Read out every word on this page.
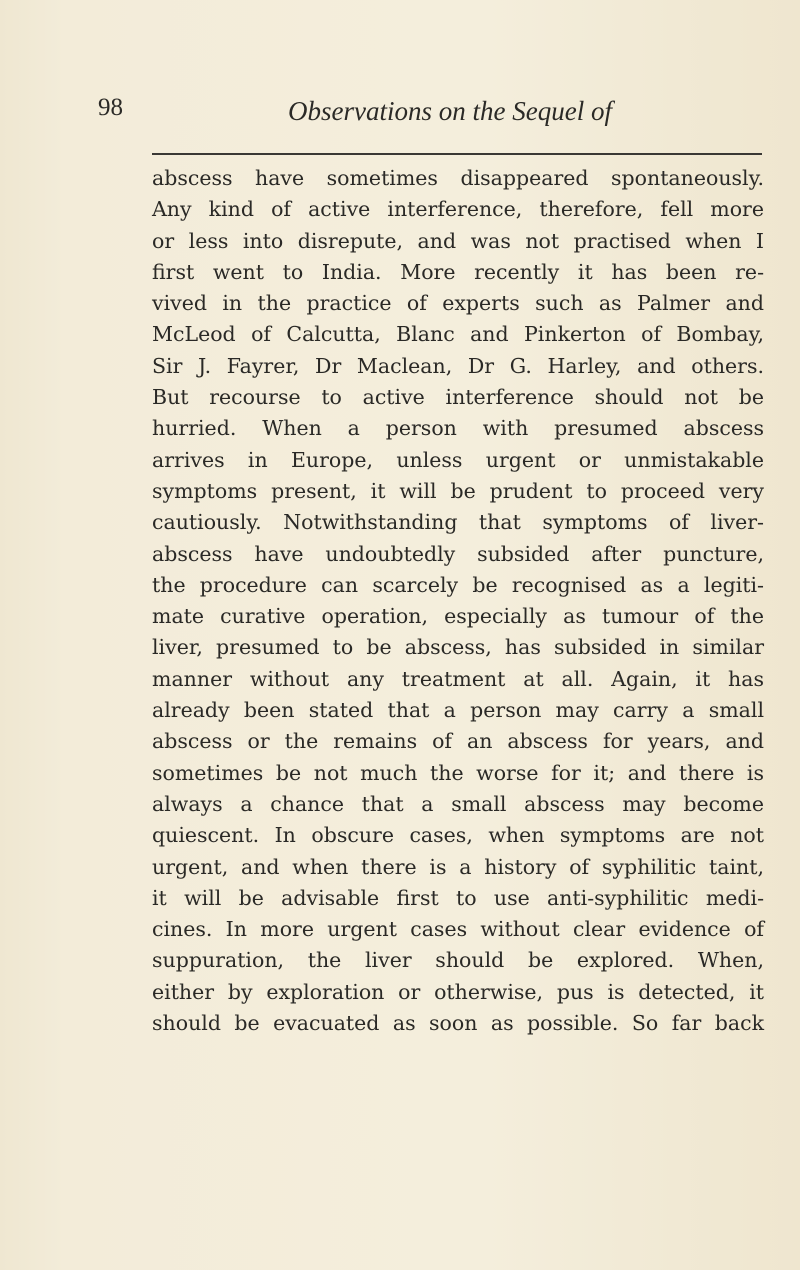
98	Observations on the Sequel of
abscess have sometimes disappeared spontaneously.
Any kind of active interference, therefore, fell more
or less into disrepute, and was not practised when I
first went to India. More recently it has been re-
vived in the practice of experts such as Palmer and
McLeod of Calcutta, Blanc and Pinkerton of Bombay,
Sir J. Fayrer, Dr Maclean, Dr G. Harley, and others.
But recourse to active interference should not be
hurried. When a person with presumed abscess
arrives in Europe, unless urgent or unmistakable
symptoms present, it will be prudent to proceed very
cautiously. Notwithstanding that symptoms of liver-
abscess have undoubtedly subsided after puncture,
the procedure can scarcely be recognised as a legiti-
mate curative operation, especially as tumour of the
liver, presumed to be abscess, has subsided in similar
manner without any treatment at all. Again, it has
already been stated that a person may carry a small
abscess or the remains of an abscess for years, and
sometimes be not much the worse for it; and there is
always a chance that a small abscess may become
quiescent. In obscure cases, when symptoms are not
urgent, and when there is a history of syphilitic taint,
it will be advisable first to use anti-syphilitic medi-
cines. In more urgent cases without clear evidence of
suppuration, the liver should be explored. When,
either by exploration or otherwise, pus is detected, it
should be evacuated as soon as possible. So far back
